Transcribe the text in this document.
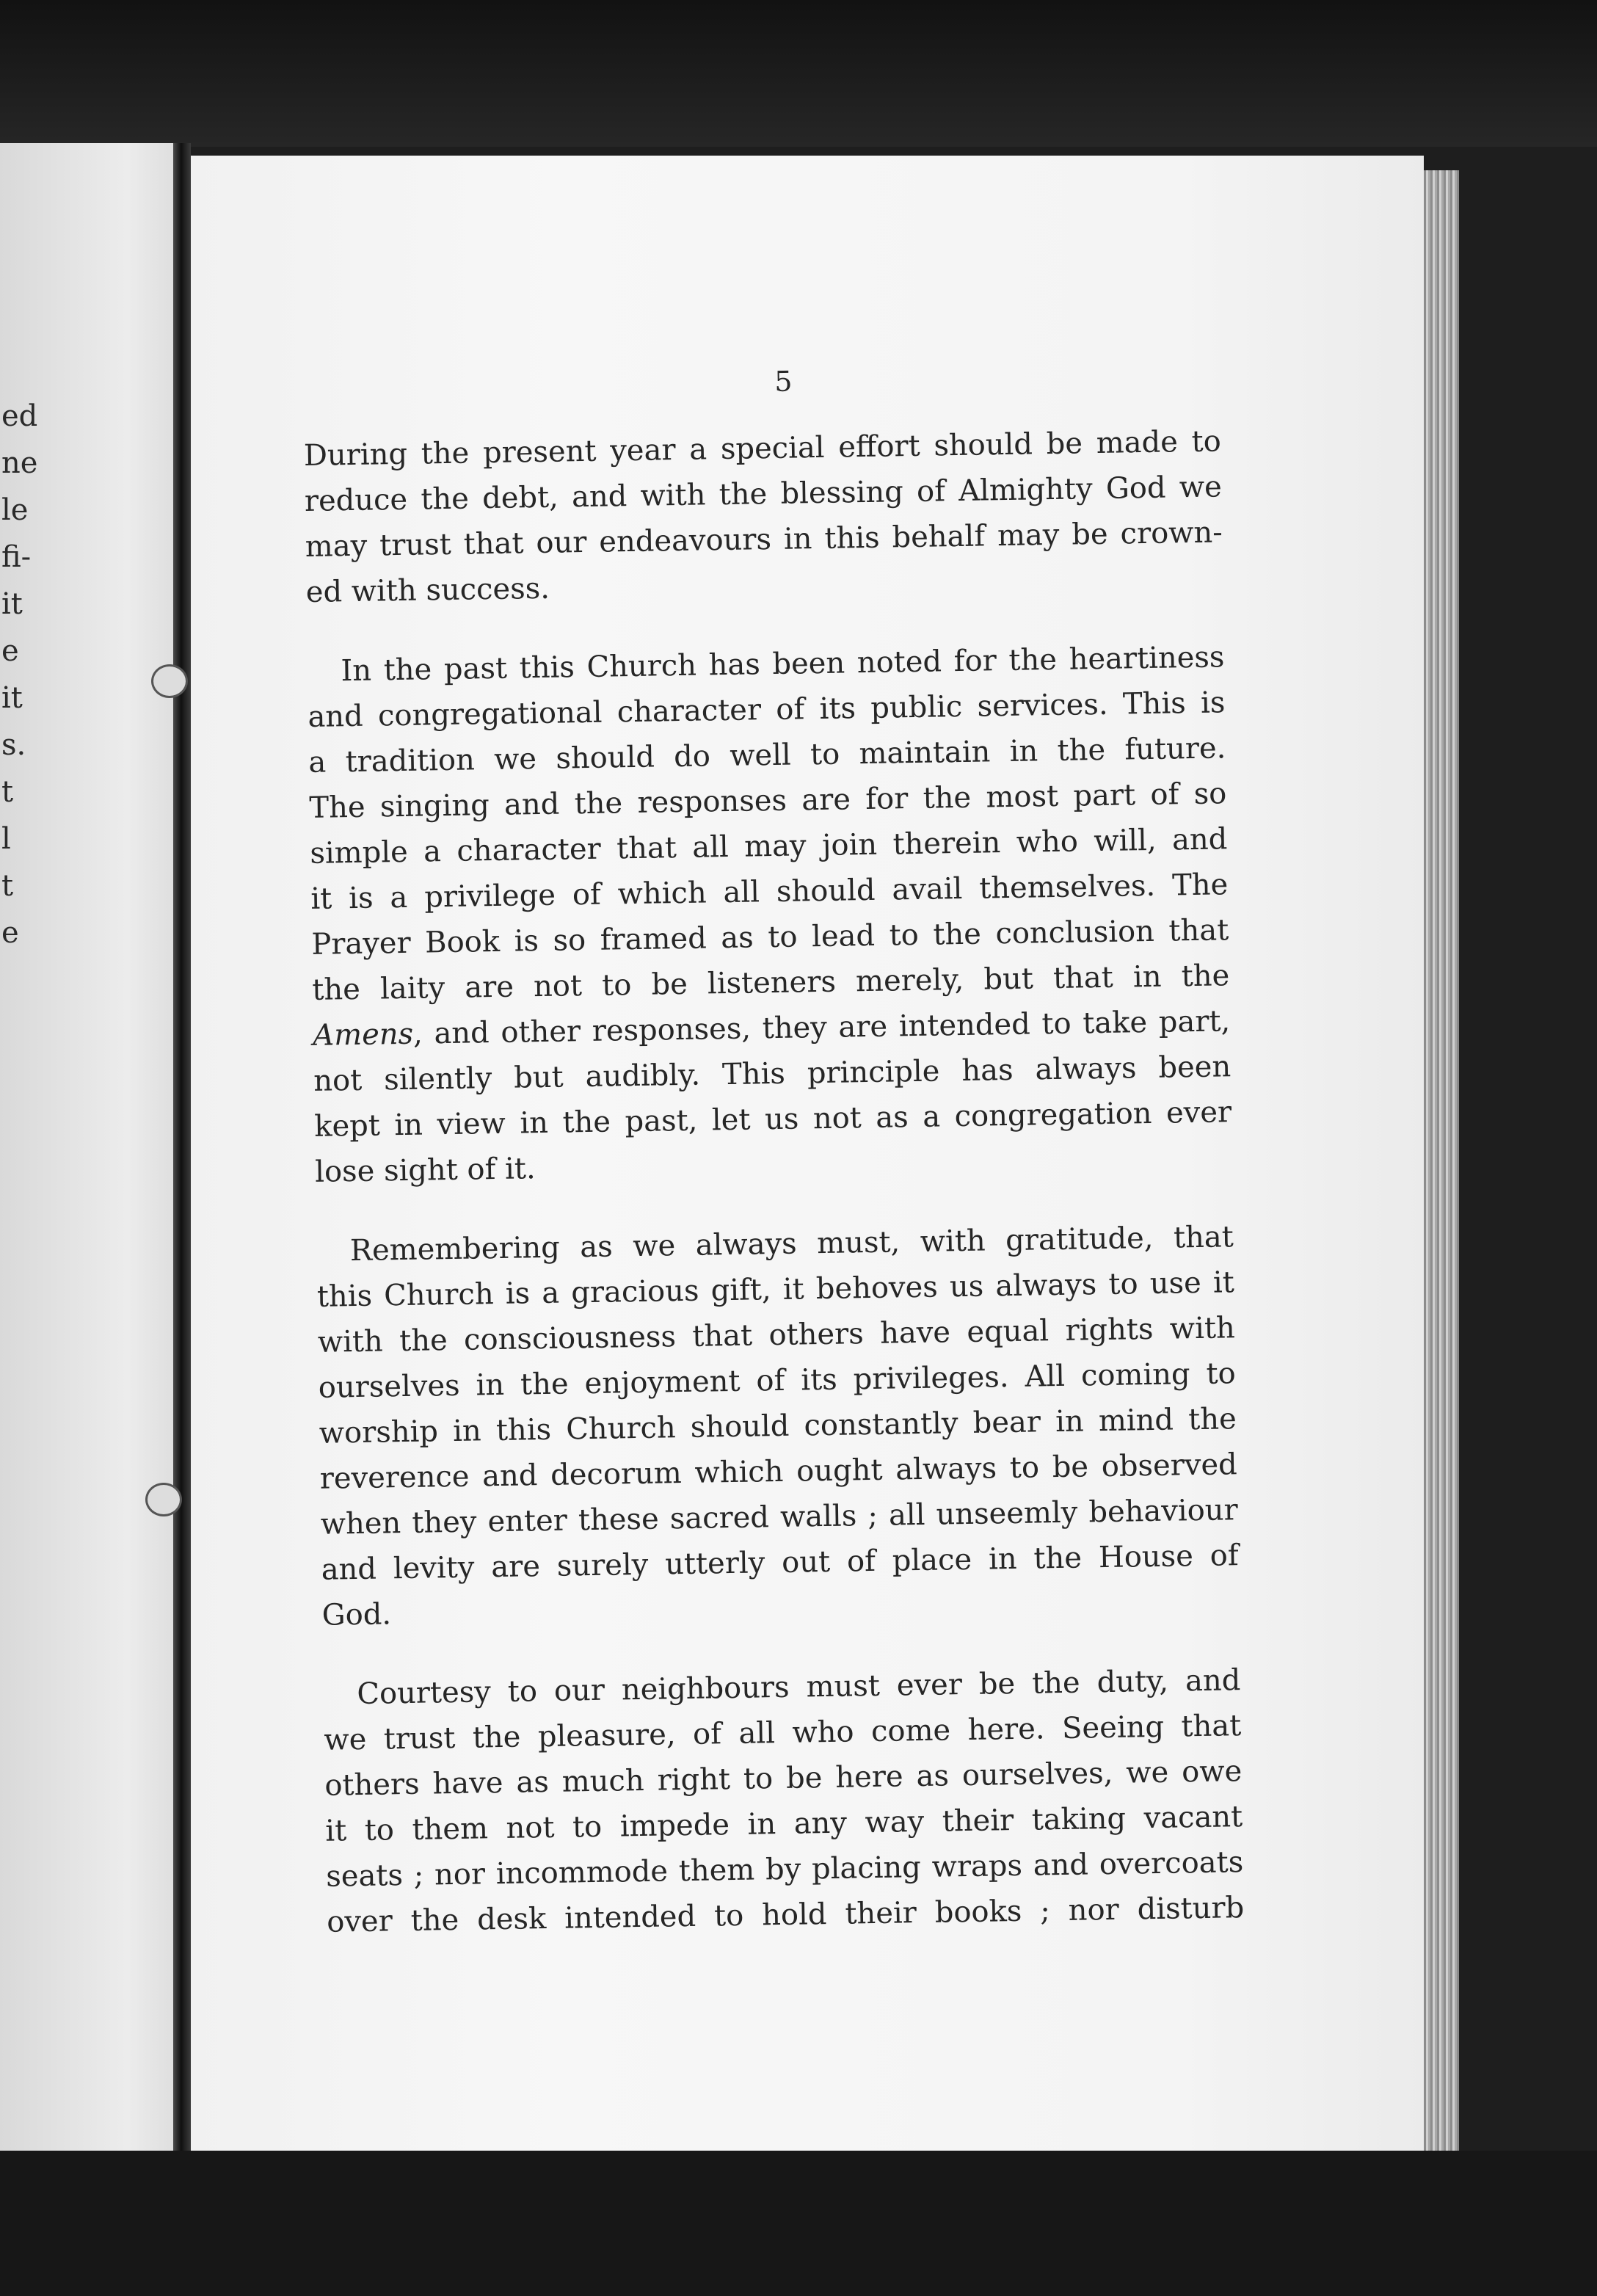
ed
ne
le
fi-
it
e
it
s.
t
l
t
e
5
During the present year a special effort should be made to
reduce the debt, and with the blessing of Almighty God we
may trust that our endeavours in this behalf may be crown-
ed with success.
In the past this Church has been noted for the heartiness
and congregational character of its public services. This is
a tradition we should do well to maintain in the future.
The singing and the responses are for the most part of so
simple a character that all may join therein who will, and
it is a privilege of which all should avail themselves. The
Prayer Book is so framed as to lead to the conclusion that
the laity are not to be listeners merely, but that in the
Amens, and other responses, they are intended to take part,
not silently but audibly. This principle has always been
kept in view in the past, let us not as a congregation ever
lose sight of it.
Remembering as we always must, with gratitude, that
this Church is a gracious gift, it behoves us always to use it
with the consciousness that others have equal rights with
ourselves in the enjoyment of its privileges. All coming to
worship in this Church should constantly bear in mind the
reverence and decorum which ought always to be observed
when they enter these sacred walls ; all unseemly behaviour
and levity are surely utterly out of place in the House of
God.
Courtesy to our neighbours must ever be the duty, and
we trust the pleasure, of all who come here. Seeing that
others have as much right to be here as ourselves, we owe
it to them not to impede in any way their taking vacant
seats ; nor incommode them by placing wraps and overcoats
over the desk intended to hold their books ; nor disturb
